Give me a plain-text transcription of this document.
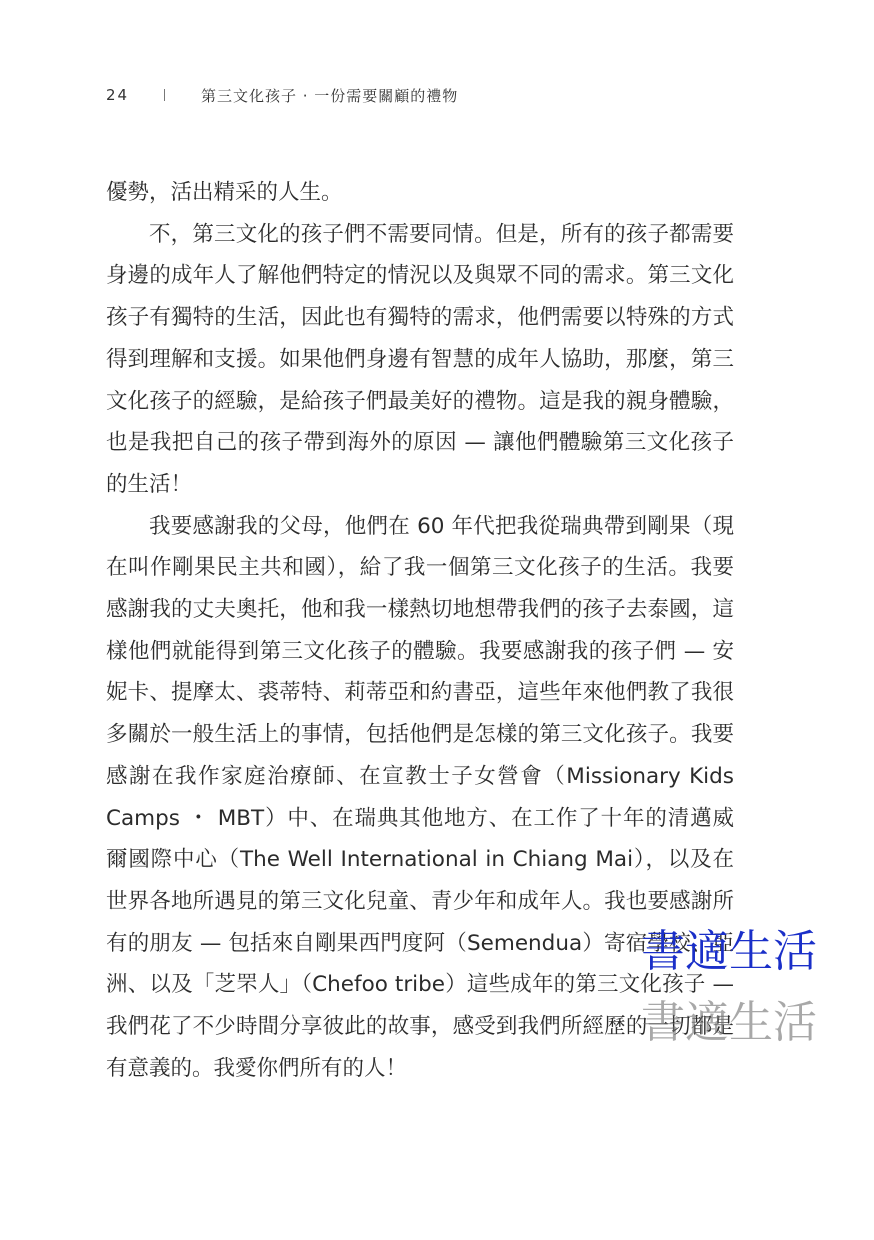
24	第三文化孩子 · 一份需要關顧的禮物

優勢，活出精采的人生。

不，第三文化的孩子們不需要同情。但是，所有的孩子都需要身邊的成年人了解他們特定的情況以及與眾不同的需求。第三文化孩子有獨特的生活，因此也有獨特的需求，他們需要以特殊的方式得到理解和支援。如果他們身邊有智慧的成年人協助，那麼，第三文化孩子的經驗，是給孩子們最美好的禮物。這是我的親身體驗，也是我把自己的孩子帶到海外的原因 — 讓他們體驗第三文化孩子的生活！

我要感謝我的父母，他們在 60 年代把我從瑞典帶到剛果（現在叫作剛果民主共和國），給了我一個第三文化孩子的生活。我要感謝我的丈夫奧托，他和我一樣熱切地想帶我們的孩子去泰國，這樣他們就能得到第三文化孩子的體驗。我要感謝我的孩子們 — 安妮卡、提摩太、裘蒂特、莉蒂亞和約書亞，這些年來他們教了我很多關於一般生活上的事情，包括他們是怎樣的第三文化孩子。我要感謝在我作家庭治療師、在宣教士子女營會（Missionary Kids Camps ・ MBT）中、在瑞典其他地方、在工作了十年的清邁威爾國際中心（The Well International in Chiang Mai），以及在世界各地所遇見的第三文化兒童、青少年和成年人。我也要感謝所有的朋友 — 包括來自剛果西門度阿（Semendua）寄宿學校、亞洲、以及「芝罘人」（Chefoo tribe）這些成年的第三文化孩子 — 我們花了不少時間分享彼此的故事，感受到我們所經歷的一切都是有意義的。我愛你們所有的人！

書適生活
書適生活
